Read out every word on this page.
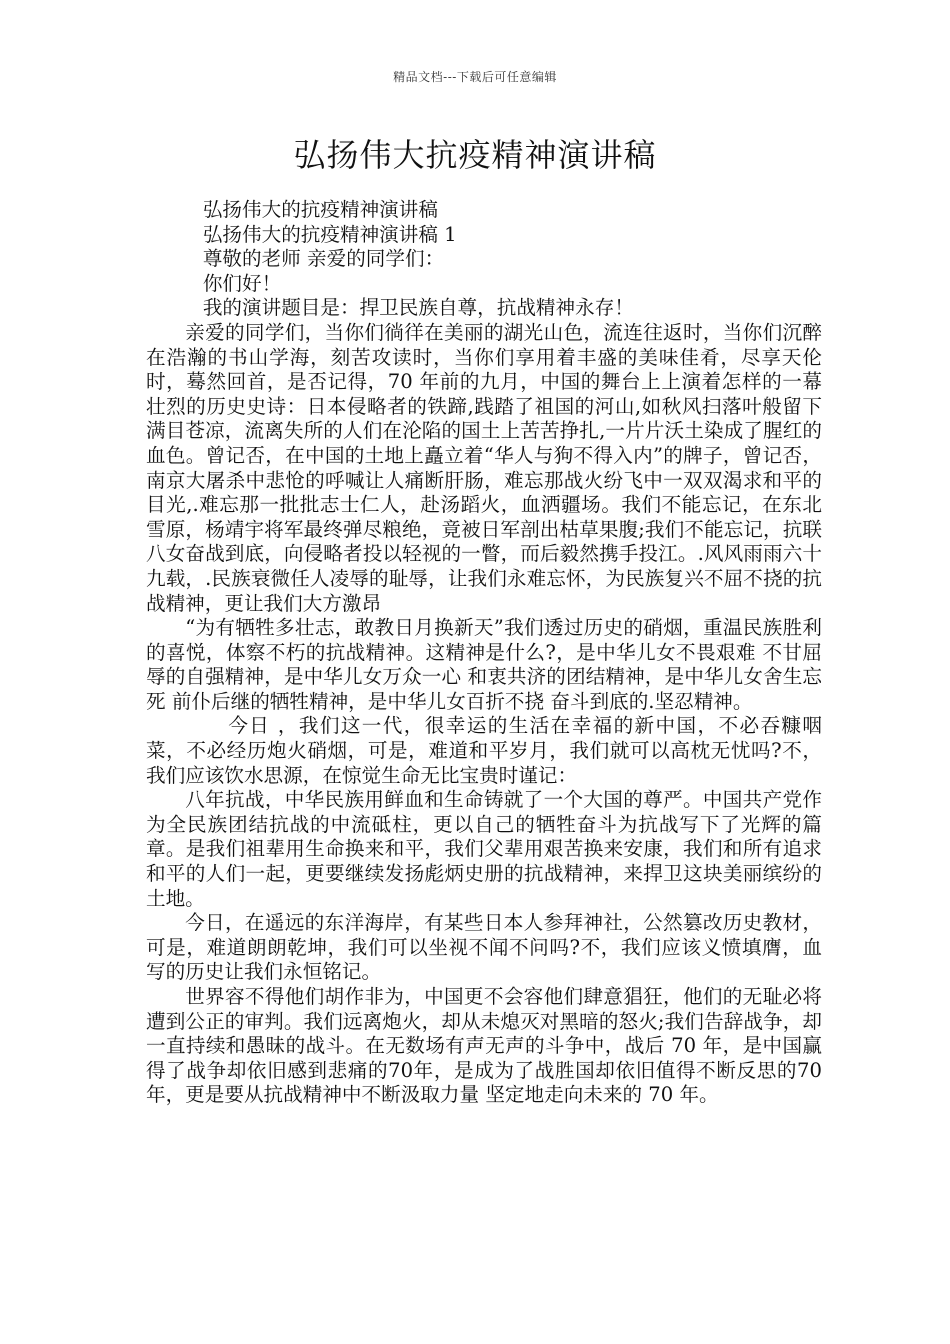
精品文档---下载后可任意编辑
弘扬伟大抗疫精神演讲稿

弘扬伟大的抗疫精神演讲稿

弘扬伟大的抗疫精神演讲稿 1

尊敬的老师 亲爱的同学们：

你们好！

我的演讲题目是：捍卫民族自尊，抗战精神永存！

亲爱的同学们，当你们徜徉在美丽的湖光山色，流连往返时，当你们沉醉在浩瀚的书山学海，刻苦攻读时，当你们享用着丰盛的美味佳肴，尽享天伦时，蓦然回首，是否记得，70 年前的九月，中国的舞台上上演着怎样的一幕壮烈的历史史诗：日本侵略者的铁蹄,践踏了祖国的河山,如秋风扫落叶般留下满目苍凉，流离失所的人们在沦陷的国土上苦苦挣扎,一片片沃土染成了腥红的血色。曾记否，在中国的土地上矗立着“华人与狗不得入内”的牌子，曾记否，南京大屠杀中悲怆的呼喊让人痛断肝肠，难忘那战火纷飞中一双双渴求和平的目光,.难忘那一批批志士仁人，赴汤蹈火，血洒疆场。我们不能忘记，在东北雪原，杨靖宇将军最终弹尽粮绝，竟被日军剖出枯草果腹;我们不能忘记，抗联八女奋战到底，向侵略者投以轻视的一瞥，而后毅然携手投江。.风风雨雨六十九载，.民族衰微任人凌辱的耻辱，让我们永难忘怀，为民族复兴不屈不挠的抗战精神，更让我们大方激昂

“为有牺牲多壮志，敢教日月换新天”我们透过历史的硝烟，重温民族胜利的喜悦，体察不朽的抗战精神。这精神是什么?，是中华儿女不畏艰难 不甘屈辱的自强精神，是中华儿女万众一心 和衷共济的团结精神，是中华儿女舍生忘死 前仆后继的牺牲精神，是中华儿女百折不挠 奋斗到底的.坚忍精神。

今日 ，我们这一代，很幸运的生活在幸福的新中国，不必吞糠咽菜，不必经历炮火硝烟，可是，难道和平岁月，我们就可以高枕无忧吗?不，我们应该饮水思源，在惊觉生命无比宝贵时谨记：

八年抗战，中华民族用鲜血和生命铸就了一个大国的尊严。中国共产党作为全民族团结抗战的中流砥柱，更以自己的牺牲奋斗为抗战写下了光辉的篇章。是我们祖辈用生命换来和平，我们父辈用艰苦换来安康，我们和所有追求和平的人们一起，更要继续发扬彪炳史册的抗战精神，来捍卫这块美丽缤纷的土地。

今日，在遥远的东洋海岸，有某些日本人参拜神社，公然篡改历史教材，可是，难道朗朗乾坤，我们可以坐视不闻不问吗?不，我们应该义愤填膺，血写的历史让我们永恒铭记。

世界容不得他们胡作非为，中国更不会容他们肆意猖狂，他们的无耻必将遭到公正的审判。我们远离炮火，却从未熄灭对黑暗的怒火;我们告辞战争，却一直持续和愚昧的战斗。在无数场有声无声的斗争中，战后 70 年，是中国赢得了战争却依旧感到悲痛的70年，是成为了战胜国却依旧值得不断反思的70年，更是要从抗战精神中不断汲取力量 坚定地走向未来的 70 年。
